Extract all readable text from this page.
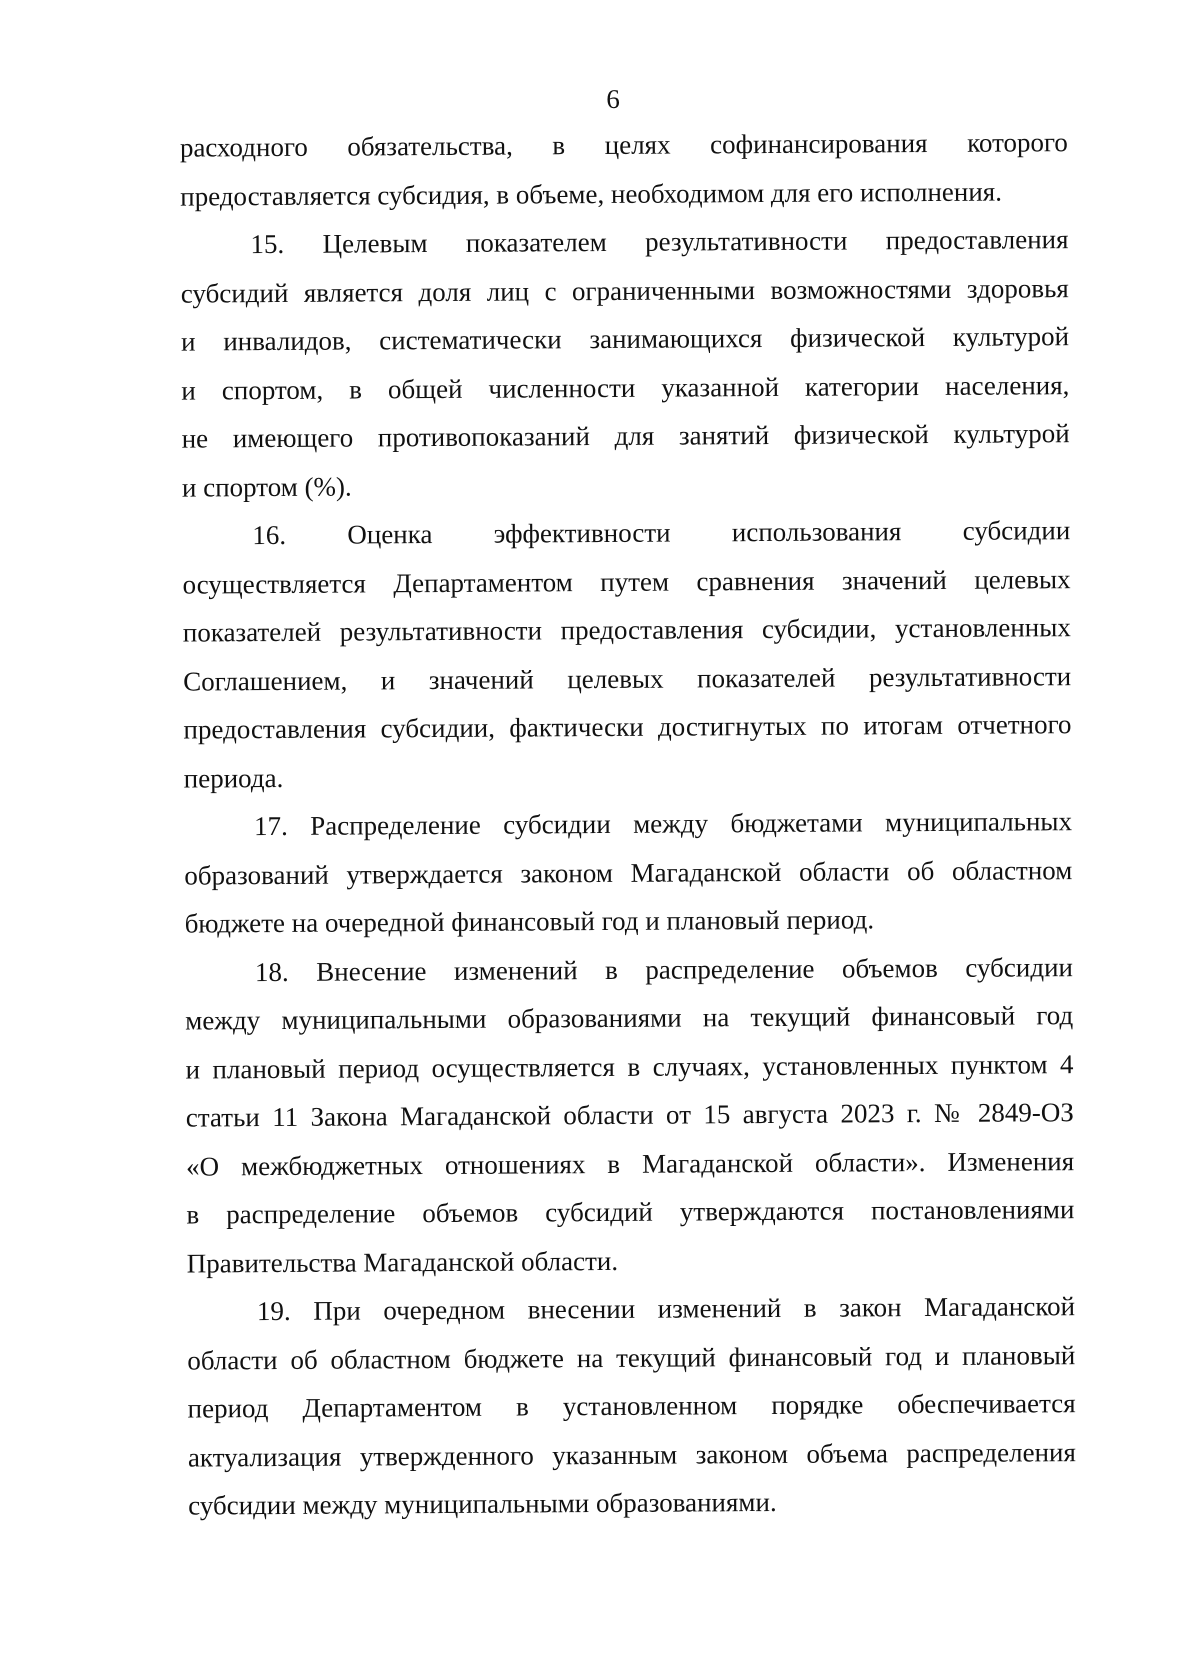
6
расходного обязательства, в целях софинансирования которого
предоставляется субсидия, в объеме, необходимом для его исполнения.
15. Целевым показателем результативности предоставления
субсидий является доля лиц с ограниченными возможностями здоровья
и инвалидов, систематически занимающихся физической культурой
и спортом, в общей численности указанной категории населения,
не имеющего противопоказаний для занятий физической культурой
и спортом (%).
16. Оценка эффективности использования субсидии
осуществляется Департаментом путем сравнения значений целевых
показателей результативности предоставления субсидии, установленных
Соглашением, и значений целевых показателей результативности
предоставления субсидии, фактически достигнутых по итогам отчетного
периода.
17. Распределение субсидии между бюджетами муниципальных
образований утверждается законом Магаданской области об областном
бюджете на очередной финансовый год и плановый период.
18. Внесение изменений в распределение объемов субсидии
между муниципальными образованиями на текущий финансовый год
и плановый период осуществляется в случаях, установленных пунктом 4
статьи 11 Закона Магаданской области от 15 августа 2023 г. № 2849-ОЗ
«О межбюджетных отношениях в Магаданской области». Изменения
в распределение объемов субсидий утверждаются постановлениями
Правительства Магаданской области.
19. При очередном внесении изменений в закон Магаданской
области об областном бюджете на текущий финансовый год и плановый
период Департаментом в установленном порядке обеспечивается
актуализация утвержденного указанным законом объема распределения
субсидии между муниципальными образованиями.
